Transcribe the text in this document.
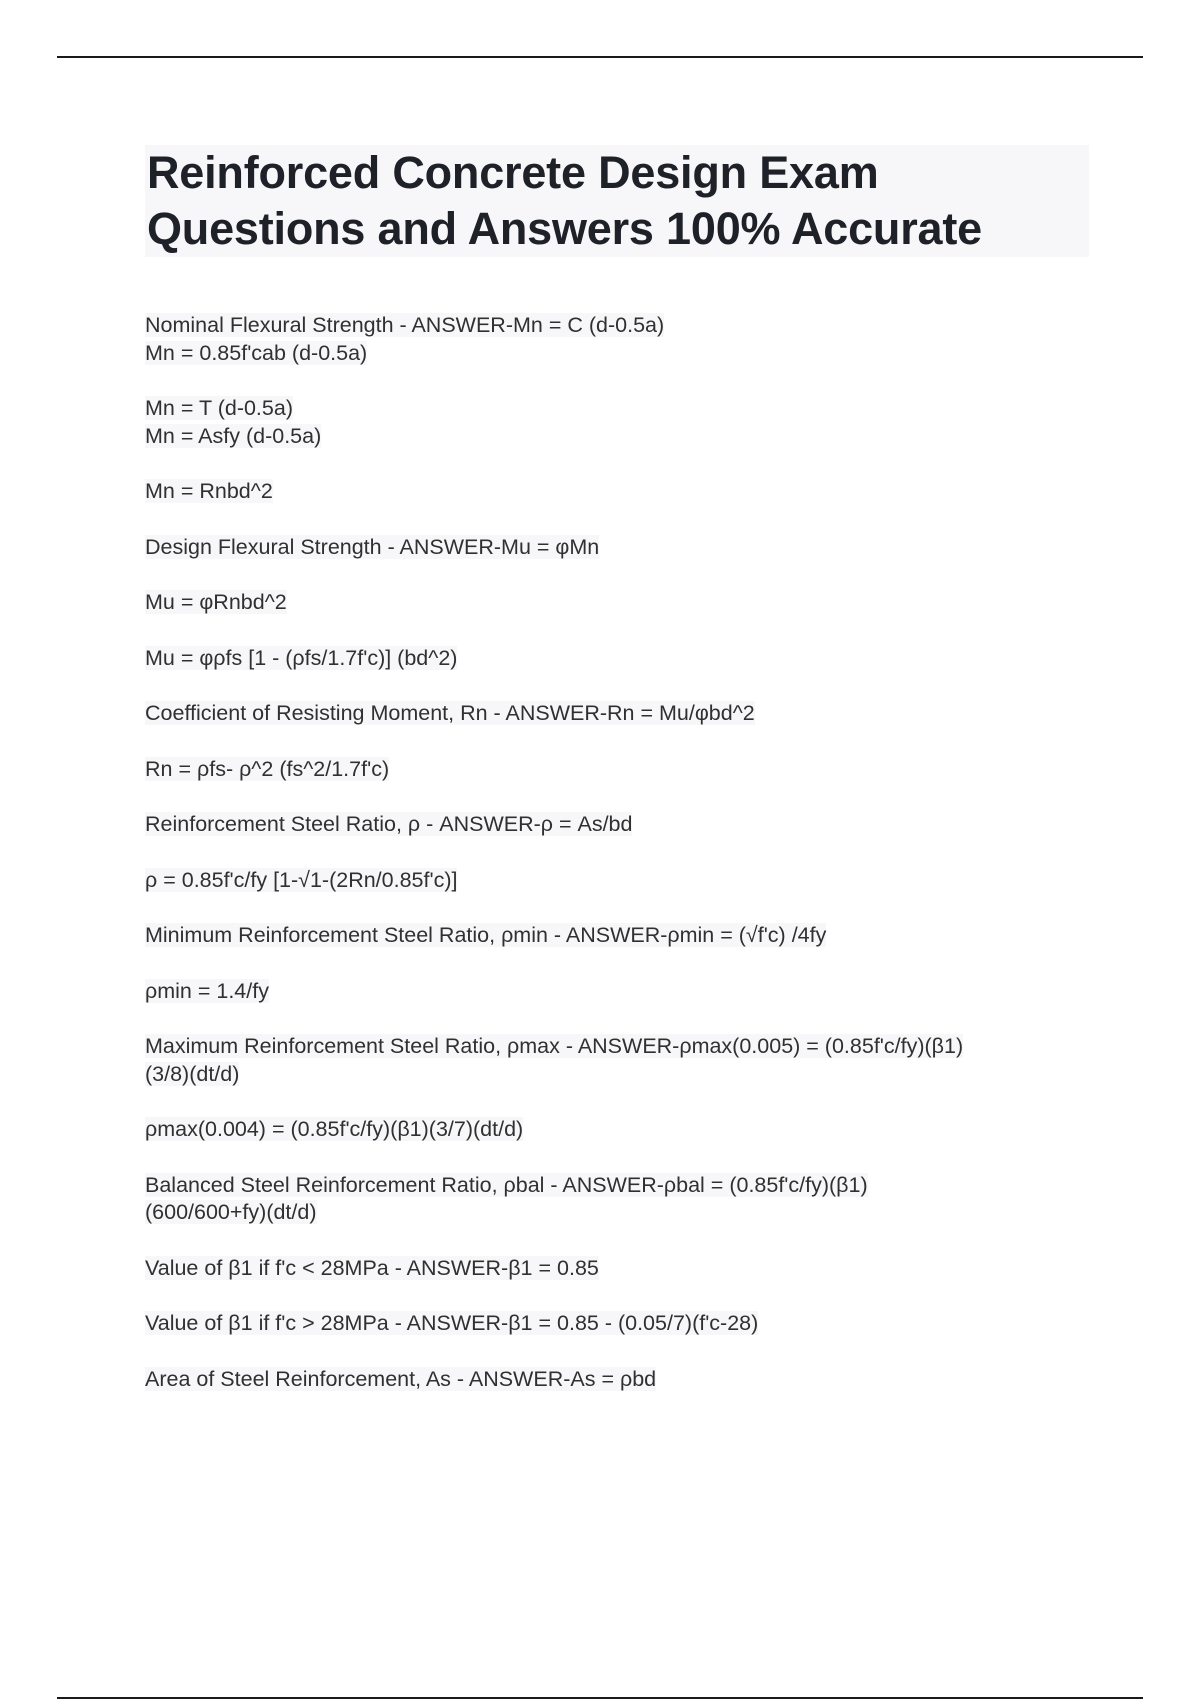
Reinforced Concrete Design Exam
Questions and Answers 100% Accurate

Nominal Flexural Strength - ANSWER-Mn = C (d-0.5a)
Mn = 0.85f'cab (d-0.5a)

Mn = T (d-0.5a)
Mn = Asfy (d-0.5a)

Mn = Rnbd^2

Design Flexural Strength - ANSWER-Mu = φMn

Mu = φRnbd^2

Mu = φρfs [1 - (ρfs/1.7f'c)] (bd^2)

Coefficient of Resisting Moment, Rn - ANSWER-Rn = Mu/φbd^2

Rn = ρfs- ρ^2 (fs^2/1.7f'c)

Reinforcement Steel Ratio, ρ - ANSWER-ρ = As/bd

ρ = 0.85f'c/fy [1-√1-(2Rn/0.85f'c)]

Minimum Reinforcement Steel Ratio, ρmin - ANSWER-ρmin = (√f'c) /4fy

ρmin = 1.4/fy

Maximum Reinforcement Steel Ratio, ρmax - ANSWER-ρmax(0.005) = (0.85f'c/fy)(β1)
(3/8)(dt/d)

ρmax(0.004) = (0.85f'c/fy)(β1)(3/7)(dt/d)

Balanced Steel Reinforcement Ratio, ρbal - ANSWER-ρbal = (0.85f'c/fy)(β1)
(600/600+fy)(dt/d)

Value of β1 if f'c < 28MPa - ANSWER-β1 = 0.85

Value of β1 if f'c > 28MPa - ANSWER-β1 = 0.85 - (0.05/7)(f'c-28)

Area of Steel Reinforcement, As - ANSWER-As = ρbd
